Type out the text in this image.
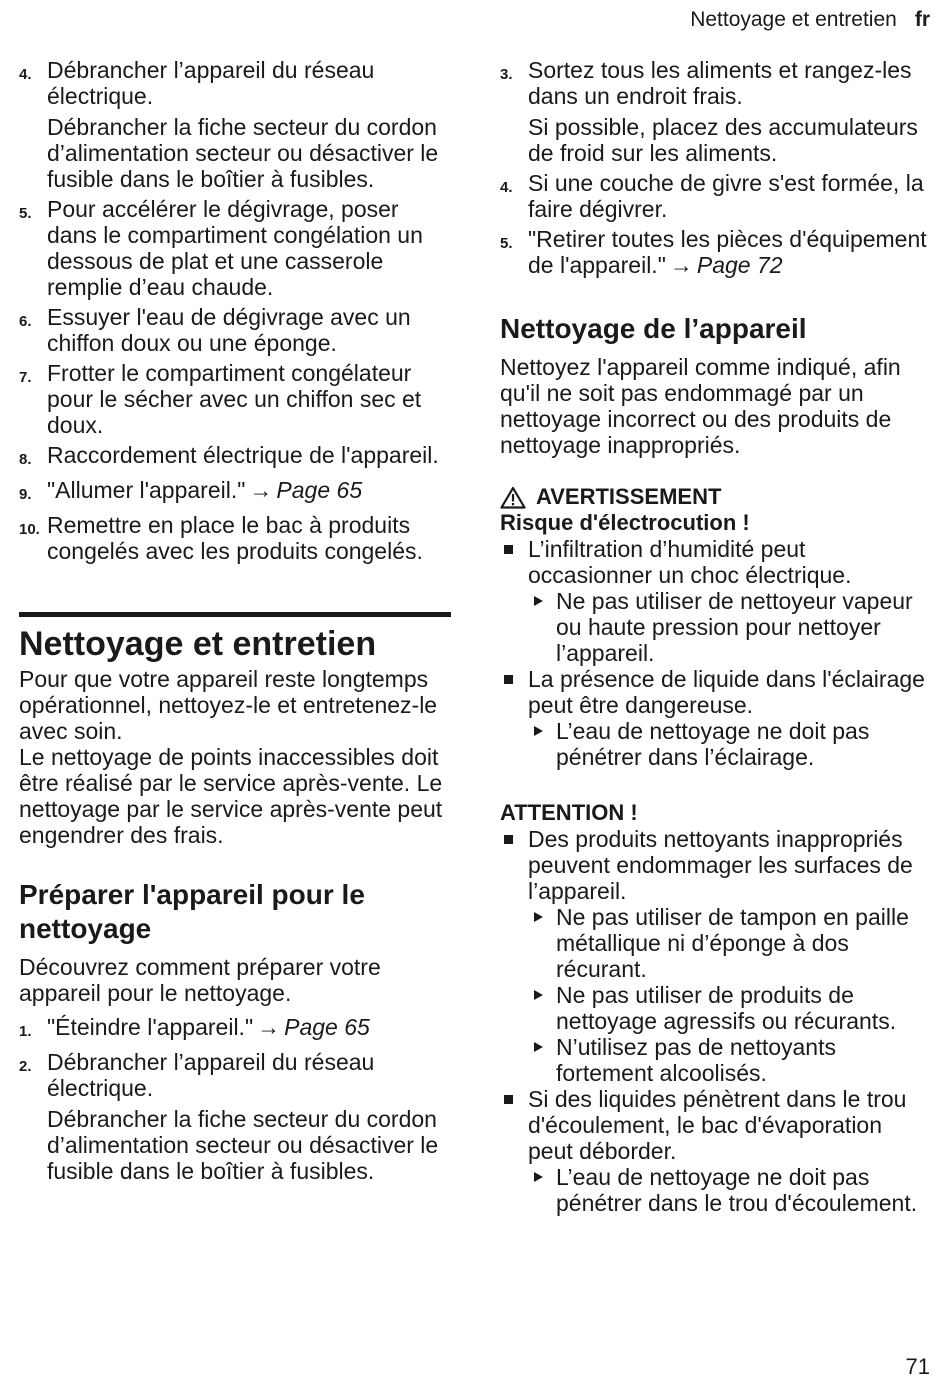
Nettoyage et entretien fr
4. Débrancher l’appareil du réseau électrique.
Débrancher la fiche secteur du cordon d’alimentation secteur ou désactiver le fusible dans le boîtier à fusibles.
5. Pour accélérer le dégivrage, poser dans le compartiment congélation un dessous de plat et une casserole remplie d’eau chaude.
6. Essuyer l'eau de dégivrage avec un chiffon doux ou une éponge.
7. Frotter le compartiment congélateur pour le sécher avec un chiffon sec et doux.
8. Raccordement électrique de l'appareil.
9. "Allumer l'appareil." → Page 65
10. Remettre en place le bac à produits congelés avec les produits congelés.
Nettoyage et entretien

Pour que votre appareil reste longtemps opérationnel, nettoyez-le et entretenez-le avec soin.

Le nettoyage de points inaccessibles doit être réalisé par le service après-vente. Le nettoyage par le service après-vente peut engendrer des frais.

Préparer l'appareil pour le nettoyage

Découvrez comment préparer votre appareil pour le nettoyage.

1. "Éteindre l'appareil." → Page 65
2. Débrancher l’appareil du réseau électrique.
Débrancher la fiche secteur du cordon d’alimentation secteur ou désactiver le fusible dans le boîtier à fusibles.
3. Sortez tous les aliments et rangez-les dans un endroit frais.
Si possible, placez des accumulateurs de froid sur les aliments.
4. Si une couche de givre s'est formée, la faire dégivrer.
5. "Retirer toutes les pièces d'équipement de l'appareil." → Page 72
Nettoyage de l’appareil

Nettoyez l'appareil comme indiqué, afin qu'il ne soit pas endommagé par un nettoyage incorrect ou des produits de nettoyage inappropriés.

AVERTISSEMENT
Risque d'électrocution !
L’infiltration d’humidité peut occasionner un choc électrique.
Ne pas utiliser de nettoyeur vapeur ou haute pression pour nettoyer l’appareil.
La présence de liquide dans l'éclairage peut être dangereuse.
L’eau de nettoyage ne doit pas pénétrer dans l’éclairage.
ATTENTION !
Des produits nettoyants inappropriés peuvent endommager les surfaces de l’appareil.
Ne pas utiliser de tampon en paille métallique ni d’éponge à dos récurant.
Ne pas utiliser de produits de nettoyage agressifs ou récurants.
N’utilisez pas de nettoyants fortement alcoolisés.
Si des liquides pénètrent dans le trou d'écoulement, le bac d'évaporation peut déborder.
L’eau de nettoyage ne doit pas pénétrer dans le trou d'écoulement.
71
